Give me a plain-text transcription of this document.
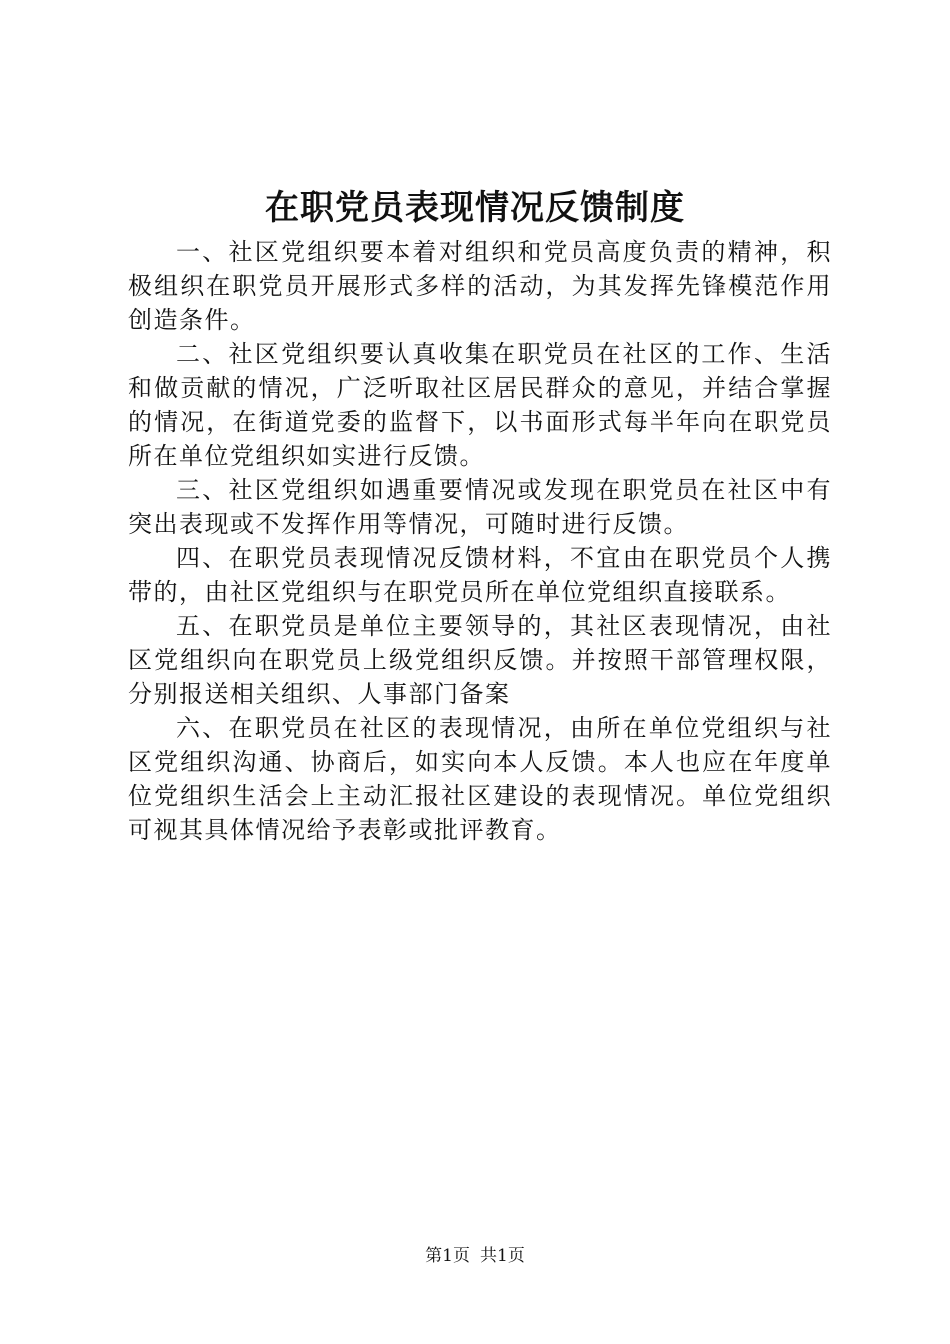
在职党员表现情况反馈制度

一、社区党组织要本着对组织和党员高度负责的精神，积极组织在职党员开展形式多样的活动，为其发挥先锋模范作用创造条件。

二、社区党组织要认真收集在职党员在社区的工作、生活和做贡献的情况，广泛听取社区居民群众的意见，并结合掌握的情况，在街道党委的监督下，以书面形式每半年向在职党员所在单位党组织如实进行反馈。

三、社区党组织如遇重要情况或发现在职党员在社区中有突出表现或不发挥作用等情况，可随时进行反馈。

四、在职党员表现情况反馈材料，不宜由在职党员个人携带的，由社区党组织与在职党员所在单位党组织直接联系。

五、在职党员是单位主要领导的，其社区表现情况，由社区党组织向在职党员上级党组织反馈。并按照干部管理权限，分别报送相关组织、人事部门备案

六、在职党员在社区的表现情况，由所在单位党组织与社区党组织沟通、协商后，如实向本人反馈。本人也应在年度单位党组织生活会上主动汇报社区建设的表现情况。单位党组织可视其具体情况给予表彰或批评教育。

第1页 共1页
